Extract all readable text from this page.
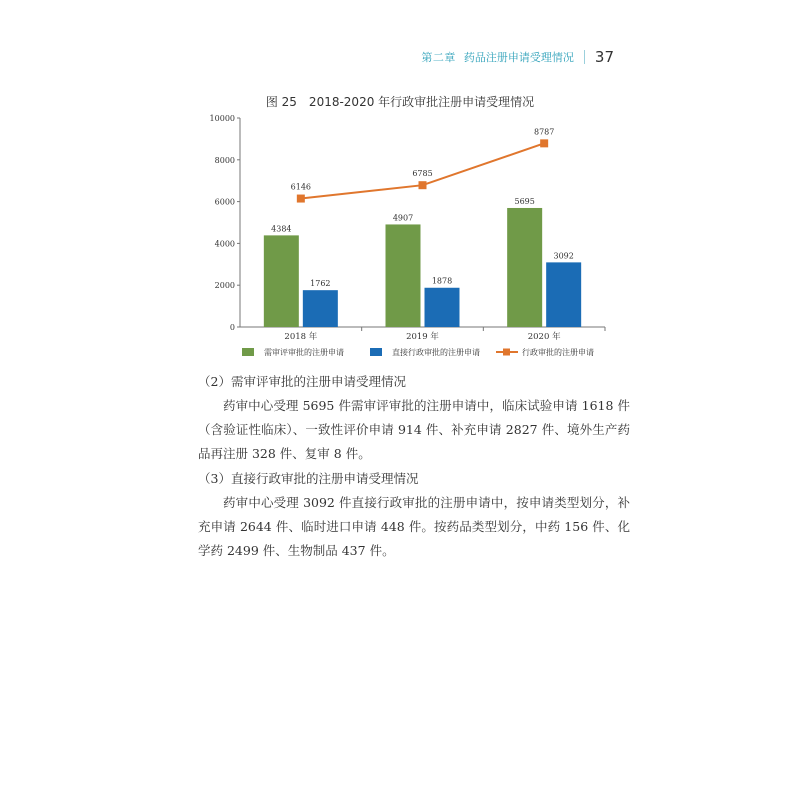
第二章 药品注册申请受理情况 37
图 25　2018-2020 年行政审批注册申请受理情况
0
2000
4000
6000
8000
10000
2018 年	2019 年	2020 年
4384
4907
5695
1762	1878
3092
6146
6785
8787
需审评审批的注册申请	直接行政审批的注册申请	行政审批的注册申请
（2）需审评审批的注册申请受理情况
药审中心受理 5695 件需审评审批的注册申请中，临床试验申请 1618 件（含验证性临床）、一致性评价申请 914 件、补充申请 2827 件、境外生产药品再注册 328 件、复审 8 件。
（3）直接行政审批的注册申请受理情况
药审中心受理 3092 件直接行政审批的注册申请中，按申请类型划分，补充申请 2644 件、临时进口申请 448 件。按药品类型划分，中药 156 件、化学药 2499 件、生物制品 437 件。
